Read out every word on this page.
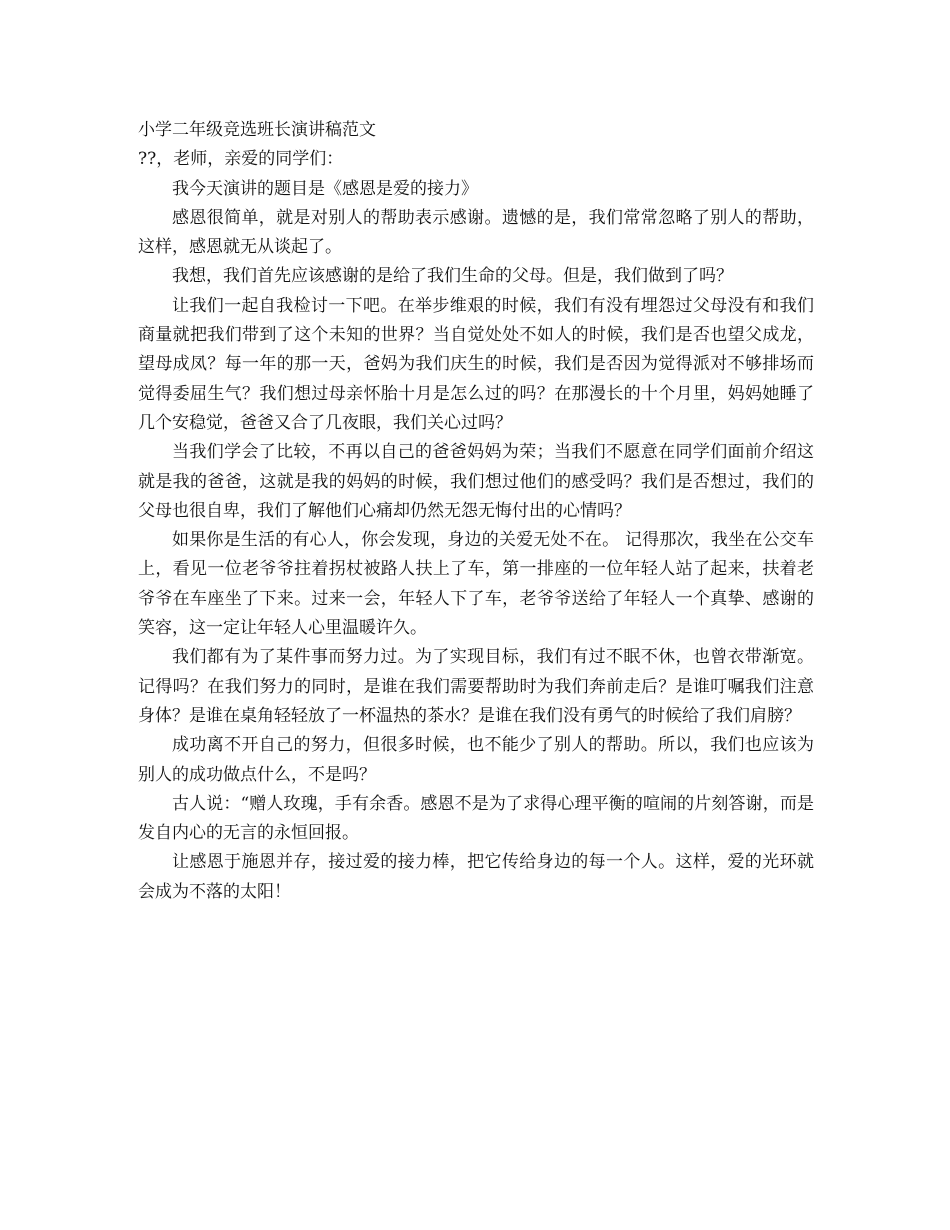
小学二年级竞选班长演讲稿范文

??，老师，亲爱的同学们：

我今天演讲的题目是《感恩是爱的接力》

感恩很简单，就是对别人的帮助表示感谢。遗憾的是，我们常常忽略了别人的帮助，这样，感恩就无从谈起了。

我想，我们首先应该感谢的是给了我们生命的父母。但是，我们做到了吗？

让我们一起自我检讨一下吧。在举步维艰的时候，我们有没有埋怨过父母没有和我们商量就把我们带到了这个未知的世界？当自觉处处不如人的时候，我们是否也望父成龙，望母成凤？每一年的那一天，爸妈为我们庆生的时候，我们是否因为觉得派对不够排场而觉得委屈生气？我们想过母亲怀胎十月是怎么过的吗？在那漫长的十个月里，妈妈她睡了几个安稳觉，爸爸又合了几夜眼，我们关心过吗？

当我们学会了比较，不再以自己的爸爸妈妈为荣；当我们不愿意在同学们面前介绍这就是我的爸爸，这就是我的妈妈的时候，我们想过他们的感受吗？我们是否想过，我们的父母也很自卑，我们了解他们心痛却仍然无怨无悔付出的心情吗？

如果你是生活的有心人，你会发现，身边的关爱无处不在。 记得那次，我坐在公交车上，看见一位老爷爷拄着拐杖被路人扶上了车，第一排座的一位年轻人站了起来，扶着老爷爷在车座坐了下来。过来一会，年轻人下了车，老爷爷送给了年轻人一个真挚、感谢的笑容，这一定让年轻人心里温暖许久。

我们都有为了某件事而努力过。为了实现目标，我们有过不眠不休，也曾衣带渐宽。记得吗？在我们努力的同时，是谁在我们需要帮助时为我们奔前走后？是谁叮嘱我们注意身体？是谁在桌角轻轻放了一杯温热的茶水？是谁在我们没有勇气的时候给了我们肩膀？

成功离不开自己的努力，但很多时候，也不能少了别人的帮助。所以，我们也应该为别人的成功做点什么，不是吗？

古人说：“赠人玫瑰，手有余香。感恩不是为了求得心理平衡的喧闹的片刻答谢，而是发自内心的无言的永恒回报。

让感恩于施恩并存，接过爱的接力棒，把它传给身边的每一个人。这样，爱的光环就会成为不落的太阳！
